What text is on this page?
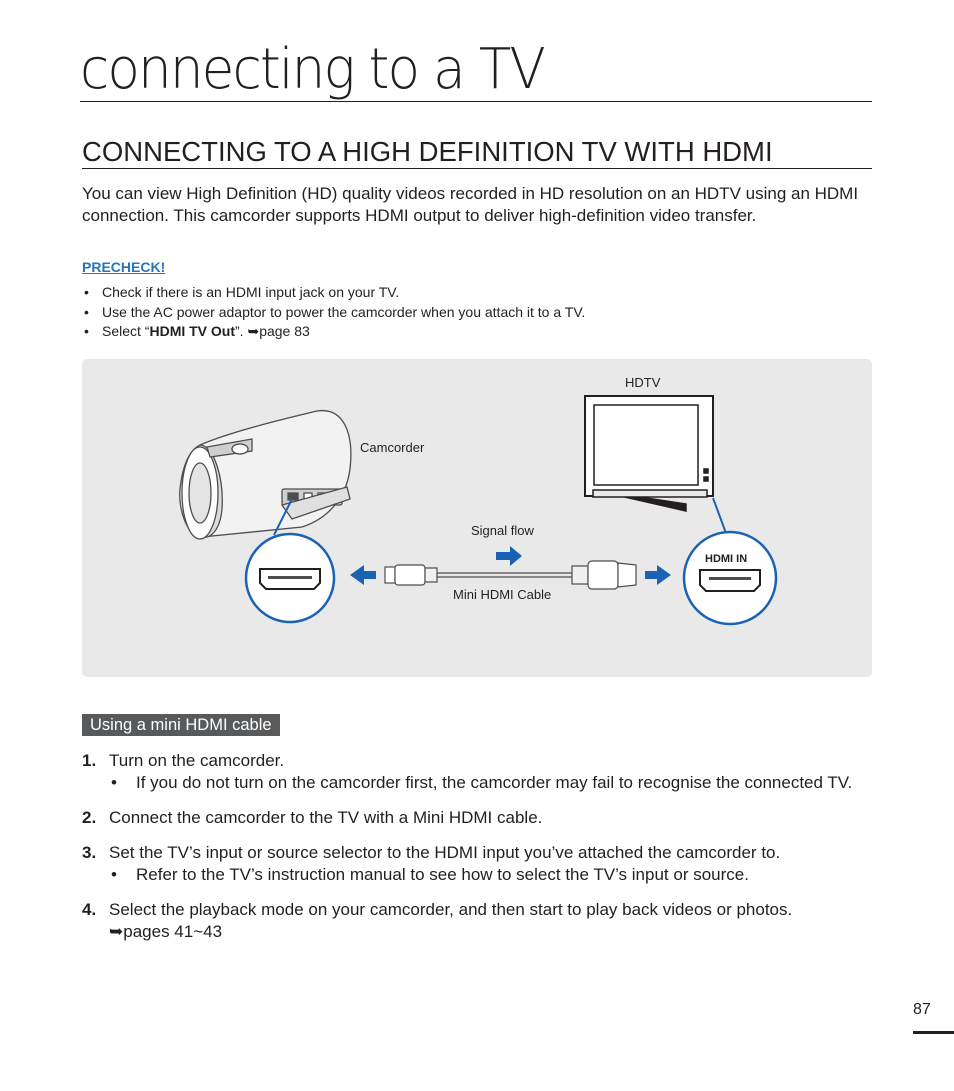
connecting to a TV
CONNECTING TO A HIGH DEFINITION TV WITH HDMI
You can view High Definition (HD) quality videos recorded in HD resolution on an HDTV using an HDMI connection. This camcorder supports HDMI output to deliver high-definition video transfer.
PRECHECK!
• Check if there is an HDMI input jack on your TV.
• Use the AC power adaptor to power the camcorder when you attach it to a TV.
• Select “HDMI TV Out”. ➥page 83
HDTV
Camcorder
Signal flow
Mini HDMI Cable
HDMI IN
Using a mini HDMI cable
1. Turn on the camcorder.
• If you do not turn on the camcorder first, the camcorder may fail to recognise the connected TV.
2. Connect the camcorder to the TV with a Mini HDMI cable.
3. Set the TV’s input or source selector to the HDMI input you’ve attached the camcorder to.
• Refer to the TV’s instruction manual to see how to select the TV’s input or source.
4. Select the playback mode on your camcorder, and then start to play back videos or photos.
➥pages 41~43
87
